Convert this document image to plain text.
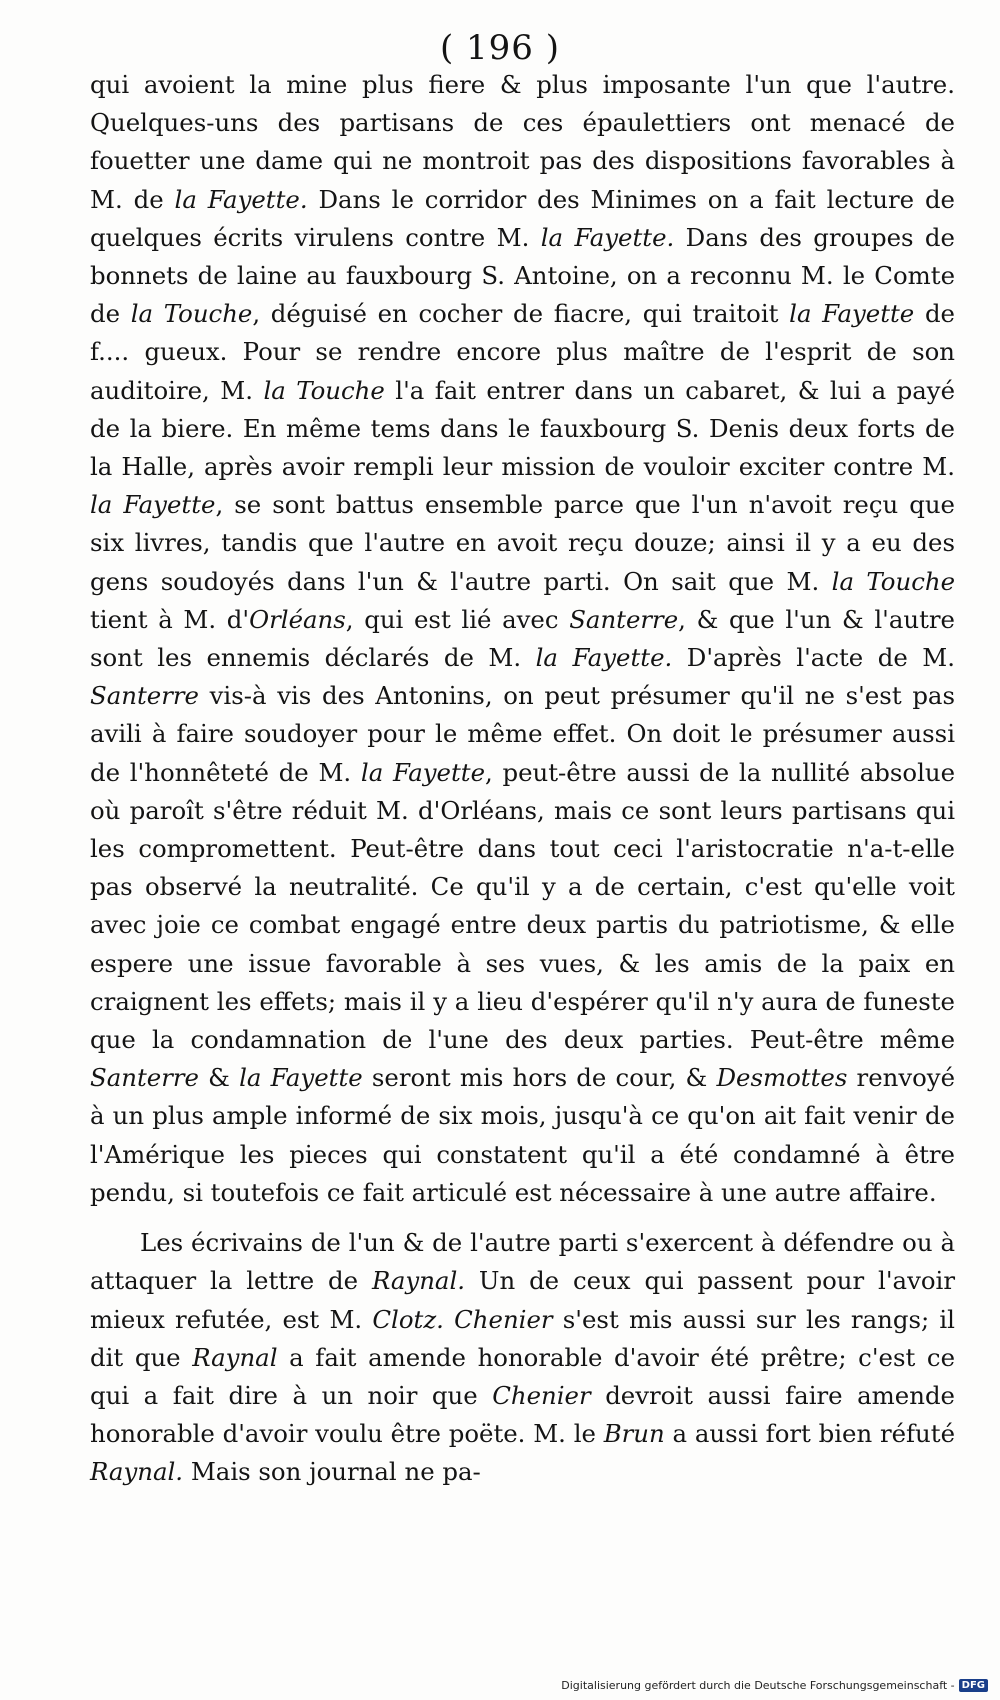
( 196 )

qui avoient la mine plus fiere & plus imposante l'un que l'autre. Quelques-uns des partisans de ces épaulettiers ont menacé de fouetter une dame qui ne montroit pas des dispositions favorables à M. de la Fayette. Dans le corridor des Minimes on a fait lecture de quelques écrits virulens contre M. la Fayette. Dans des groupes de bonnets de laine au fauxbourg S. Antoine, on a reconnu M. le Comte de la Touche, déguisé en cocher de fiacre, qui traitoit la Fayette de f.... gueux. Pour se rendre encore plus maître de l'esprit de son auditoire, M. la Touche l'a fait entrer dans un cabaret, & lui a payé de la biere. En même tems dans le fauxbourg S. Denis deux forts de la Halle, après avoir rempli leur mission de vouloir exciter contre M. la Fayette, se sont battus ensemble parce que l'un n'avoit reçu que six livres, tandis que l'autre en avoit reçu douze; ainsi il y a eu des gens soudoyés dans l'un & l'autre parti. On sait que M. la Touche tient à M. d'Orléans, qui est lié avec Santerre, & que l'un & l'autre sont les ennemis déclarés de M. la Fayette. D'après l'acte de M. Santerre vis-à vis des Antonins, on peut présumer qu'il ne s'est pas avili à faire soudoyer pour le même effet. On doit le présumer aussi de l'honnêteté de M. la Fayette, peut-être aussi de la nullité absolue où paroît s'être réduit M. d'Orléans, mais ce sont leurs partisans qui les compromettent. Peut-être dans tout ceci l'aristocratie n'a-t-elle pas observé la neutralité. Ce qu'il y a de certain, c'est qu'elle voit avec joie ce combat engagé entre deux partis du patriotisme, & elle espere une issue favorable à ses vues, & les amis de la paix en craignent les effets; mais il y a lieu d'espérer qu'il n'y aura de funeste que la condamnation de l'une des deux parties. Peut-être même Santerre & la Fayette seront mis hors de cour, & Desmottes renvoyé à un plus ample informé de six mois, jusqu'à ce qu'on ait fait venir de l'Amérique les pieces qui constatent qu'il a été condamné à être pendu, si toutefois ce fait articulé est nécessaire à une autre affaire.

Les écrivains de l'un & de l'autre parti s'exercent à défendre ou à attaquer la lettre de Raynal. Un de ceux qui passent pour l'avoir mieux refutée, est M. Clotz. Chenier s'est mis aussi sur les rangs; il dit que Raynal a fait amende honorable d'avoir été prêtre; c'est ce qui a fait dire à un noir que Chenier devroit aussi faire amende honorable d'avoir voulu être poëte. M. le Brun a aussi fort bien réfuté Raynal. Mais son journal ne pa-

Digitalisierung gefördert durch die Deutsche Forschungsgemeinschaft - DFG
